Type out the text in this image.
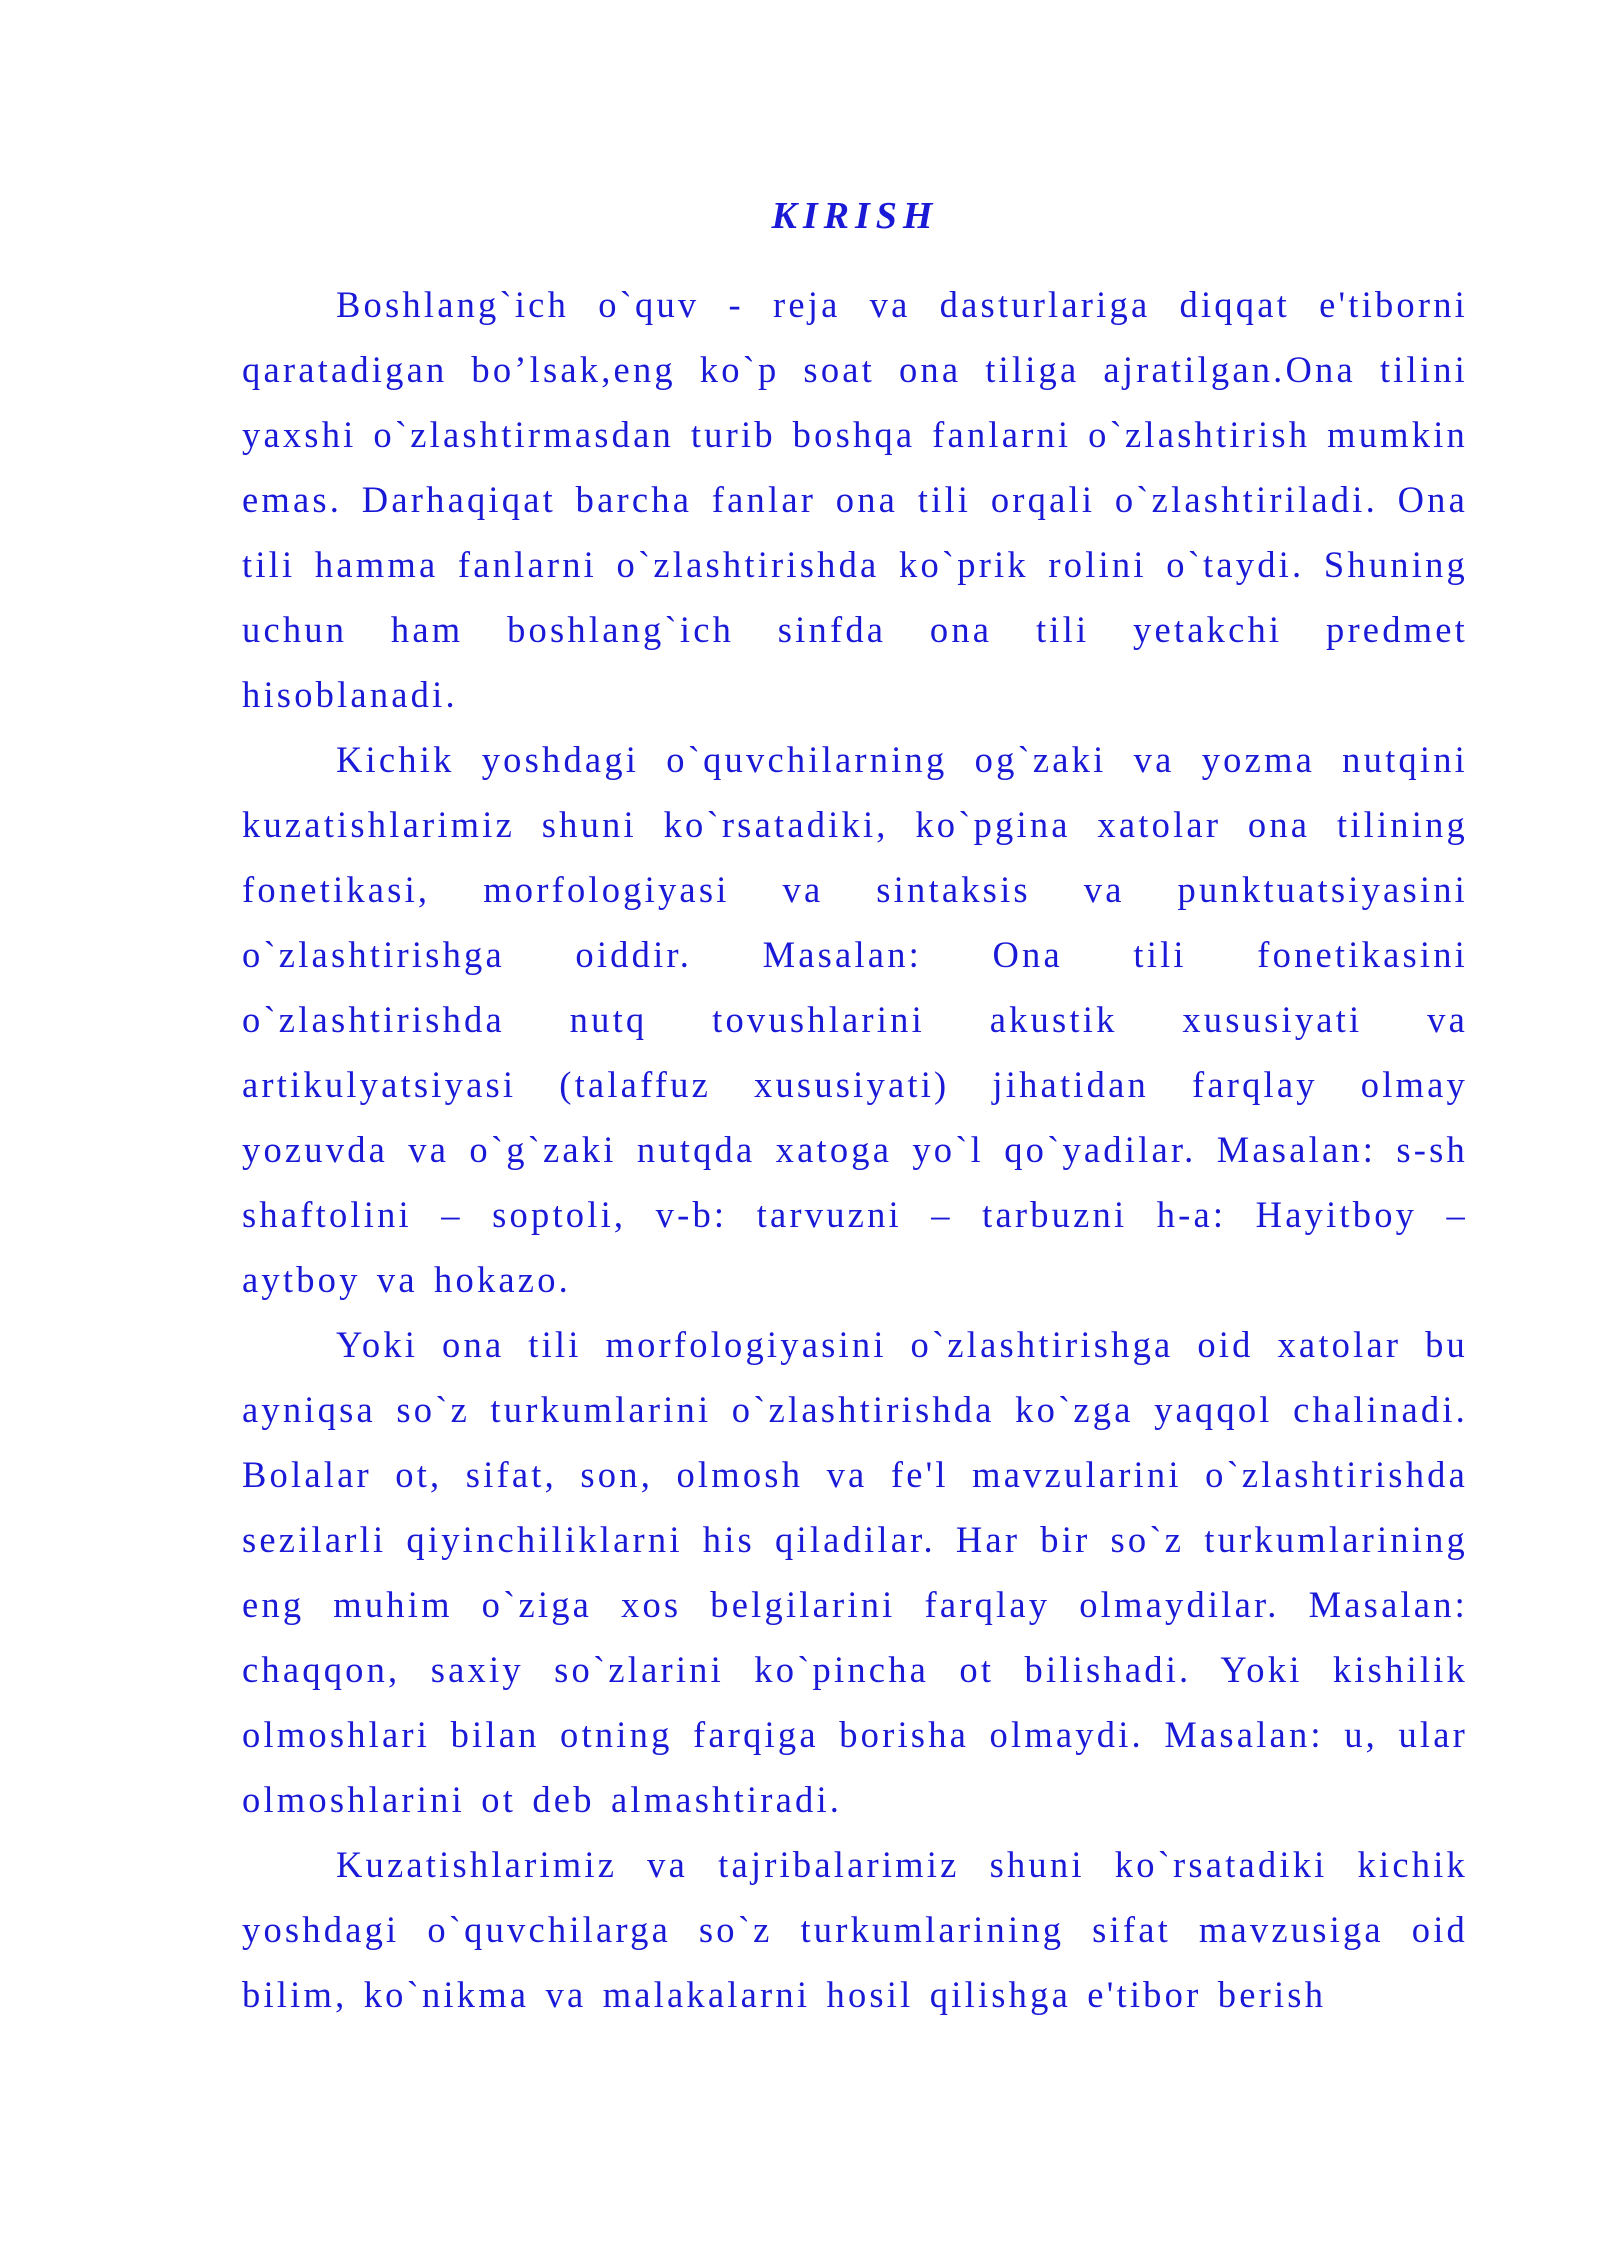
KIRISH

Boshlang`ich o`quv - reja va dasturlariga diqqat e'tiborni qaratadigan bo’lsak,eng ko`p soat ona tiliga ajratilgan.Ona tilini yaxshi o`zlashtirmasdan turib boshqa fanlarni o`zlashtirish mumkin emas. Darhaqiqat barcha fanlar ona tili orqali o`zlashtiriladi. Ona tili hamma fanlarni o`zlashtirishda ko`prik rolini o`taydi. Shuning uchun ham boshlang`ich sinfda ona tili yetakchi predmet hisoblanadi.

Kichik yoshdagi o`quvchilarning og`zaki va yozma nutqini kuzatishlarimiz shuni ko`rsatadiki, ko`pgina xatolar ona tilining fonetikasi, morfologiyasi va sintaksis va punktuatsiyasini o`zlashtirishga oiddir. Masalan: Ona tili fonetikasini o`zlashtirishda nutq tovushlarini akustik xususiyati va artikulyatsiyasi (talaffuz xususiyati) jihatidan farqlay olmay yozuvda va o`g`zaki nutqda xatoga yo`l qo`yadilar. Masalan: s-sh shaftolini – soptoli, v-b: tarvuzni – tarbuzni h-a: Hayitboy – aytboy va hokazo.

Yoki ona tili morfologiyasini o`zlashtirishga oid xatolar bu ayniqsa so`z turkumlarini o`zlashtirishda ko`zga yaqqol chalinadi. Bolalar ot, sifat, son, olmosh va fe'l mavzularini o`zlashtirishda sezilarli qiyinchiliklarni his qiladilar. Har bir so`z turkumlarining eng muhim o`ziga xos belgilarini farqlay olmaydilar. Masalan: chaqqon, saxiy so`zlarini ko`pincha ot bilishadi. Yoki kishilik olmoshlari bilan otning farqiga borisha olmaydi. Masalan: u, ular olmoshlarini ot deb almashtiradi.

Kuzatishlarimiz va tajribalarimiz shuni ko`rsatadiki kichik yoshdagi o`quvchilarga so`z turkumlarining sifat mavzusiga oid bilim, ko`nikma va malakalarni hosil qilishga e'tibor berish
